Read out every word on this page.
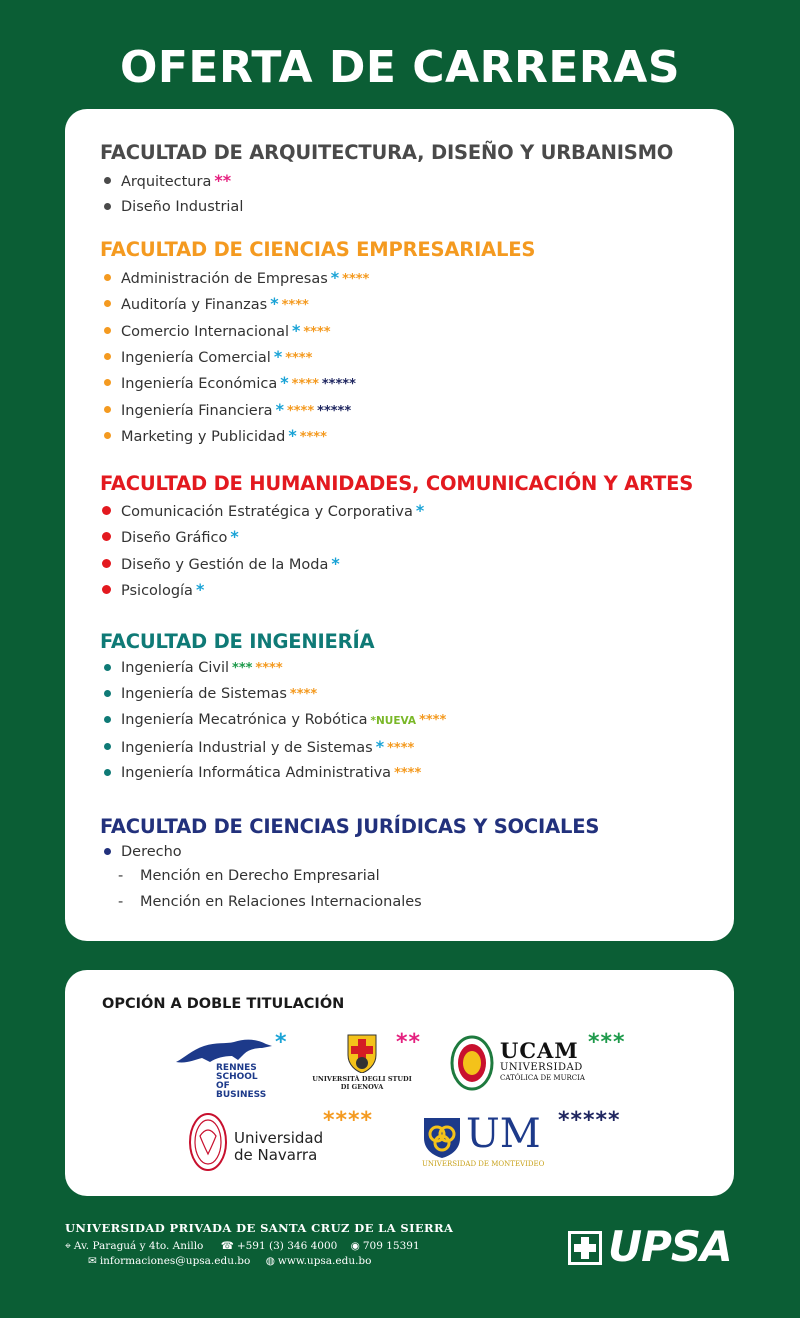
OFERTA DE CARRERAS
FACULTAD DE ARQUITECTURA, DISEÑO Y URBANISMO
Arquitectura **
Diseño Industrial
FACULTAD DE CIENCIAS EMPRESARIALES
Administración de Empresas * ****
Auditoría y Finanzas * ****
Comercio Internacional * ****
Ingeniería Comercial * ****
Ingeniería Económica * **** *****
Ingeniería Financiera * **** *****
Marketing y Publicidad * ****
FACULTAD DE HUMANIDADES, COMUNICACIÓN Y ARTES
Comunicación Estratégica y Corporativa *
Diseño Gráfico *
Diseño y Gestión de la Moda *
Psicología *
FACULTAD DE INGENIERÍA
Ingeniería Civil *** ****
Ingeniería de Sistemas ****
Ingeniería Mecatrónica y Robótica *NUEVA ****
Ingeniería Industrial y de Sistemas * ****
Ingeniería Informática Administrativa ****
FACULTAD DE CIENCIAS JURÍDICAS Y SOCIALES
Derecho
- Mención en Derecho Empresarial
- Mención en Relaciones Internacionales
OPCIÓN A DOBLE TITULACIÓN
RENNES
SCHOOL
OF BUSINESS
*
UNIVERSITÀ DEGLI STUDI
DI GENOVA
**	UCAM
UNIVERSIDAD
CATÓLICA DE MURCIA
***
Universidad
de Navarra
**** UM
UNIVERSIDAD DE MONTEVIDEO
*****
UNIVERSIDAD PRIVADA DE SANTA CRUZ DE LA SIERRA
⌖ Av. Paraguá y 4to. Anillo ☎ +591 (3) 346 4000 ◉ 709 15391
✉ informaciones@upsa.edu.bo ◍ www.upsa.edu.bo	UPSA
